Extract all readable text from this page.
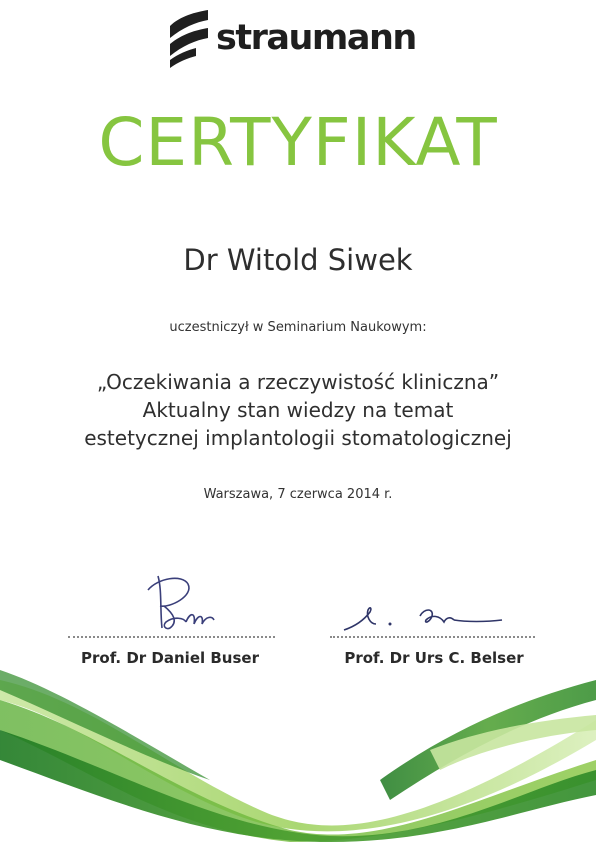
straumann
CERTYFIKAT
Dr Witold Siwek
uczestniczył w Seminarium Naukowym:
„Oczekiwania a rzeczywistość kliniczna”
Aktualny stan wiedzy na temat
estetycznej implantologii stomatologicznej
Warszawa, 7 czerwca 2014 r.
Prof. Dr Daniel Buser	Prof. Dr Urs C. Belser
